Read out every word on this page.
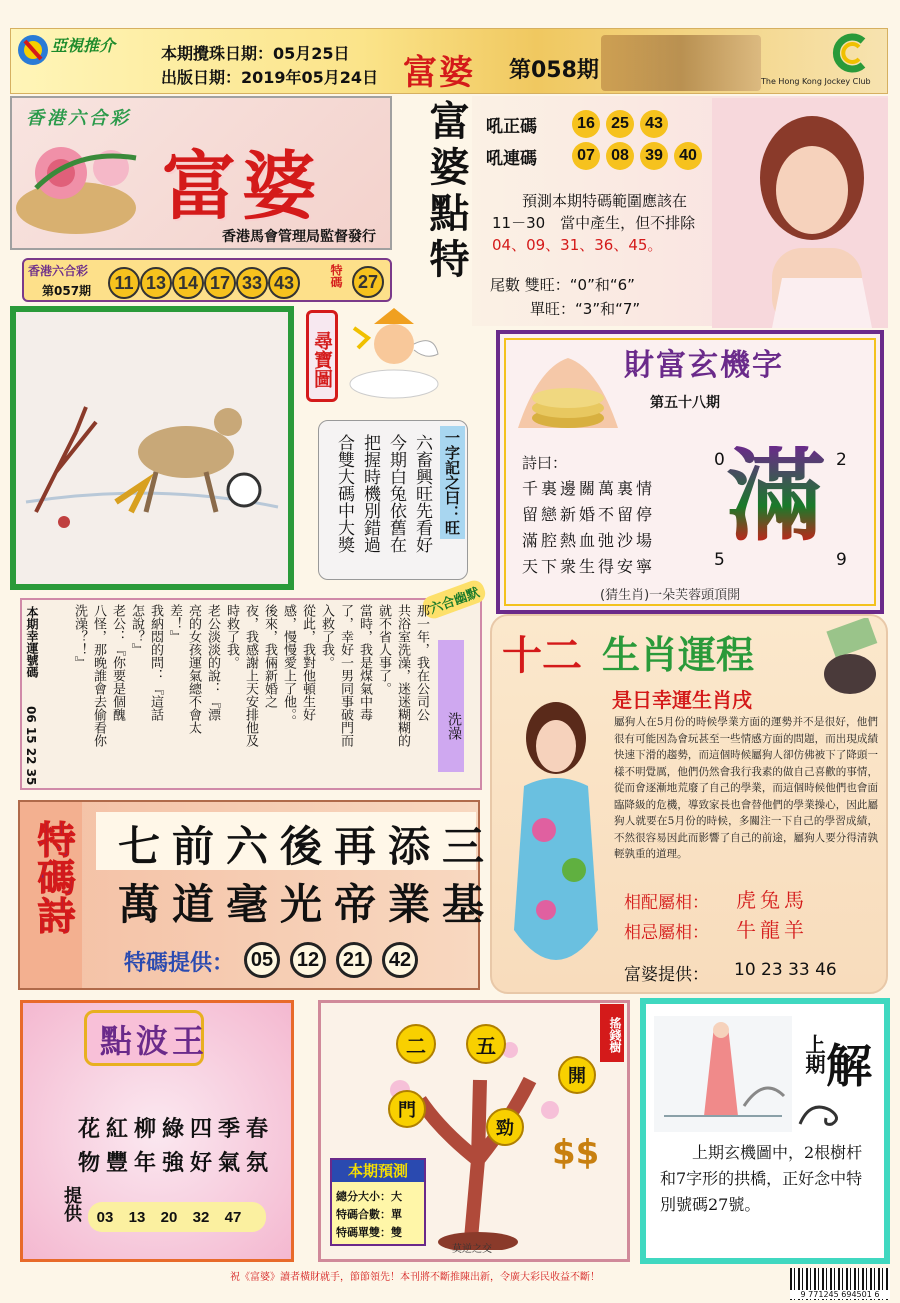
亞視推介	本期攪珠日期：05月25日
出版日期：2019年05月24日 富婆 第058期	The Hong Kong Jockey Club
香港六合彩
富婆
香港馬會管理局監督發行
香港六合彩
第057期	11 13 14 17 33 43	特碼 27 富婆點特 吼正碼	16	25	43
吼連碼	07	08	39	40
預測本期特碼範圍應該在
11－30　當中產生，但不排除
04、09、31、36、45。
尾數 雙旺：“0”和“6”
單旺：“3”和“7”
尋寶圖
一字記之曰：旺
六畜興旺先看好
今期白兔依舊在
把握時機別錯過
合雙大碼中大獎
財富玄機字
第五十八期
詩曰：
千裏邊關萬裏情
留戀新婚不留停
滿腔熱血弛沙場
天下衆生得安寧
0	2
5	9
滿
(猜生肖)一朵芙蓉頭頂開
本期幸運號碼
06 15 22 35
六合幽默
洗澡
那一年，我在公司公
共浴室洗澡，迷迷糊糊的
就不省人事了。
當時，我是煤氣中毒
了，幸好一男同事破門而
入救了我。
從此，我對他頓生好
感，慢慢愛上了他。。
後來，我倆新婚之
夜，我感謝上天安排他及
時救了我。
老公淡淡的說：『漂
亮的女孩運氣總不會太
差！』
我納悶的問：『這話
怎說？』
老公：『你要是個醜
八怪，那晚誰會去偷看你
洗澡？！』	十二 生肖運程
是日幸運生肖戌
屬狗人在5月份的時候學業方面的運勢并不是很好，他們很有可能因為會玩甚至一些情感方面的問題，而出現成績快速下滑的趨勢，而這個時候屬狗人卻仿佛被下了降頭一樣不明覺厲，他們仍然會我行我素的做自己喜歡的事情，從而會逐漸地荒廢了自己的學業，而這個時候他們也會面臨降級的危機，導致家長也會替他們的學業操心，因此屬狗人就要在5月份的時候，多關注一下自己的學習成績，不然很容易因此而影響了自己的前途，屬狗人要分得清孰輕孰重的道理。
相配屬相： 虎兔馬
相忌屬相： 牛龍羊
富婆提供： 10 23 33 46
特碼詩 七前六後再添三
萬道毫光帝業基
特碼提供： 05	12	21	42
點波王
花紅柳綠四季春
物豐年強好氣氛
提供 03	13	20	32	47
二	五
門
開
勁
搖錢樹
$$
本期預測
總分大小：大
特碼合數：單
特碼單雙：雙
莫逆之交
上期 解
上期玄機圖中，2根樹杆和7字形的拱橋，正好念中特別號碼27號。
祝《富婆》讀者橫財就手，節節領先！本刊將不斷推陳出新，令廣大彩民收益不斷！
9 771245 694501 6
